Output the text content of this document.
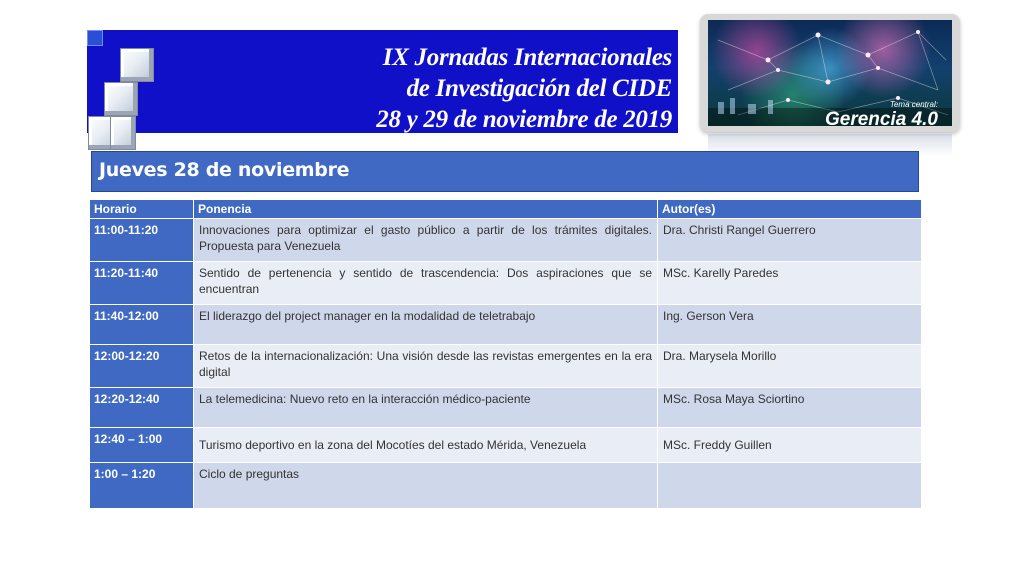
IX Jornadas Internacionales
de Investigación del CIDE
28 y 29 de noviembre de 2019
Tema central:
Gerencia 4.0
Jueves 28 de noviembre
Horario	Ponencia	Autor(es)
11:00-11:20	Innovaciones para optimizar el gasto público a partir de los trámites digitales. Propuesta para Venezuela	Dra. Christi Rangel Guerrero
11:20-11:40	Sentido de pertenencia y sentido de trascendencia: Dos aspiraciones que se encuentran	MSc. Karelly Paredes
11:40-12:00	El liderazgo del project manager en la modalidad de teletrabajo	Ing. Gerson Vera
12:00-12:20	Retos de la internacionalización: Una visión desde las revistas emergentes en la era digital	Dra. Marysela Morillo
12:20-12:40	La telemedicina: Nuevo reto en la interacción médico-paciente	MSc. Rosa Maya Sciortino
12:40 – 1:00	Turismo deportivo en la zona del Mocotíes del estado Mérida, Venezuela	MSc. Freddy Guillen
1:00 – 1:20	Ciclo de preguntas	
